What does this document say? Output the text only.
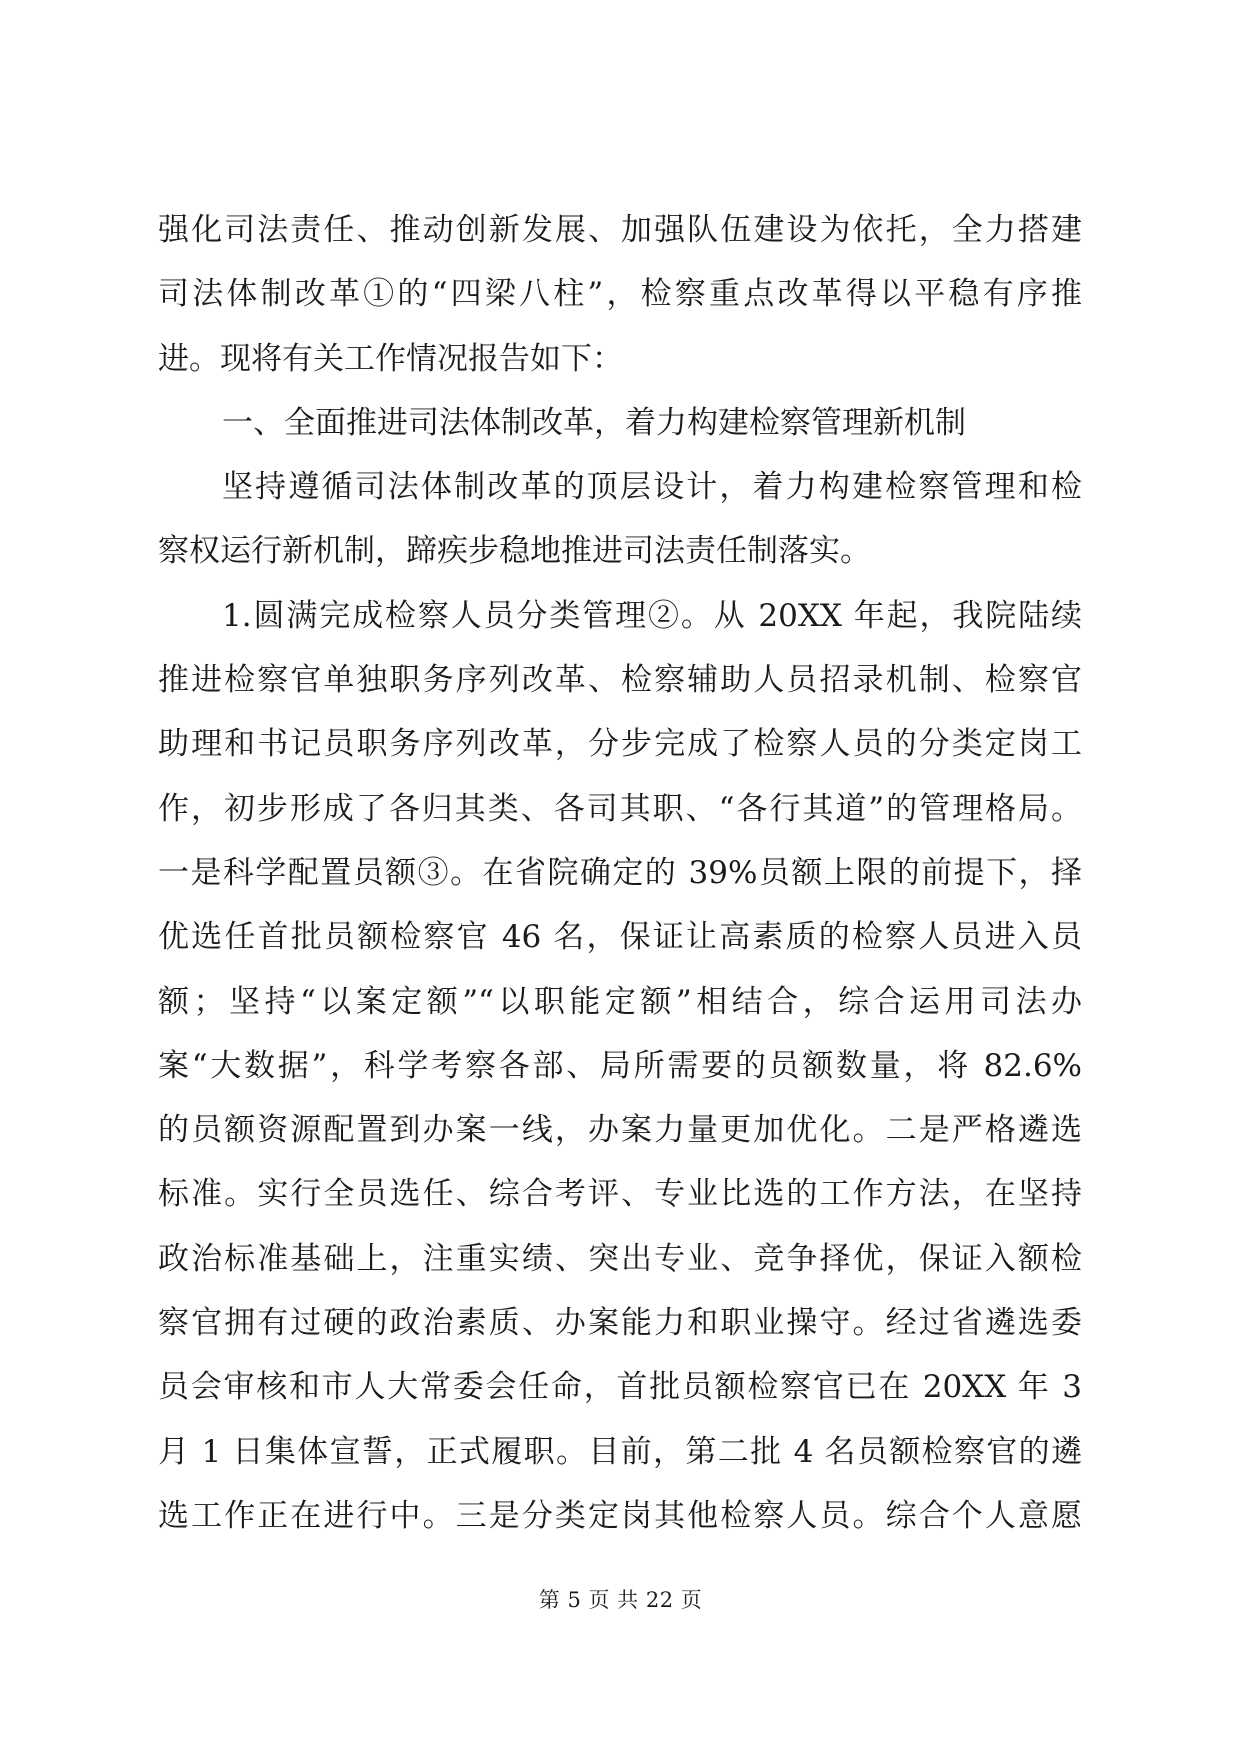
强化司法责任、推动创新发展、加强队伍建设为依托，全力搭建
司法体制改革①的“四梁八柱”，检察重点改革得以平稳有序推
进。现将有关工作情况报告如下：
一、全面推进司法体制改革，着力构建检察管理新机制
坚持遵循司法体制改革的顶层设计，着力构建检察管理和检
察权运行新机制，蹄疾步稳地推进司法责任制落实。
1.圆满完成检察人员分类管理②。从 20XX 年起，我院陆续
推进检察官单独职务序列改革、检察辅助人员招录机制、检察官
助理和书记员职务序列改革，分步完成了检察人员的分类定岗工
作，初步形成了各归其类、各司其职、“各行其道”的管理格局。
一是科学配置员额③。在省院确定的 39%员额上限的前提下，择
优选任首批员额检察官 46 名，保证让高素质的检察人员进入员
额；坚持“以案定额”“以职能定额”相结合，综合运用司法办
案“大数据”，科学考察各部、局所需要的员额数量，将 82.6%
的员额资源配置到办案一线，办案力量更加优化。二是严格遴选
标准。实行全员选任、综合考评、专业比选的工作方法，在坚持
政治标准基础上，注重实绩、突出专业、竞争择优，保证入额检
察官拥有过硬的政治素质、办案能力和职业操守。经过省遴选委
员会审核和市人大常委会任命，首批员额检察官已在 20XX 年 3
月 1 日集体宣誓，正式履职。目前，第二批 4 名员额检察官的遴
选工作正在进行中。三是分类定岗其他检察人员。综合个人意愿
第 5 页 共 22 页
